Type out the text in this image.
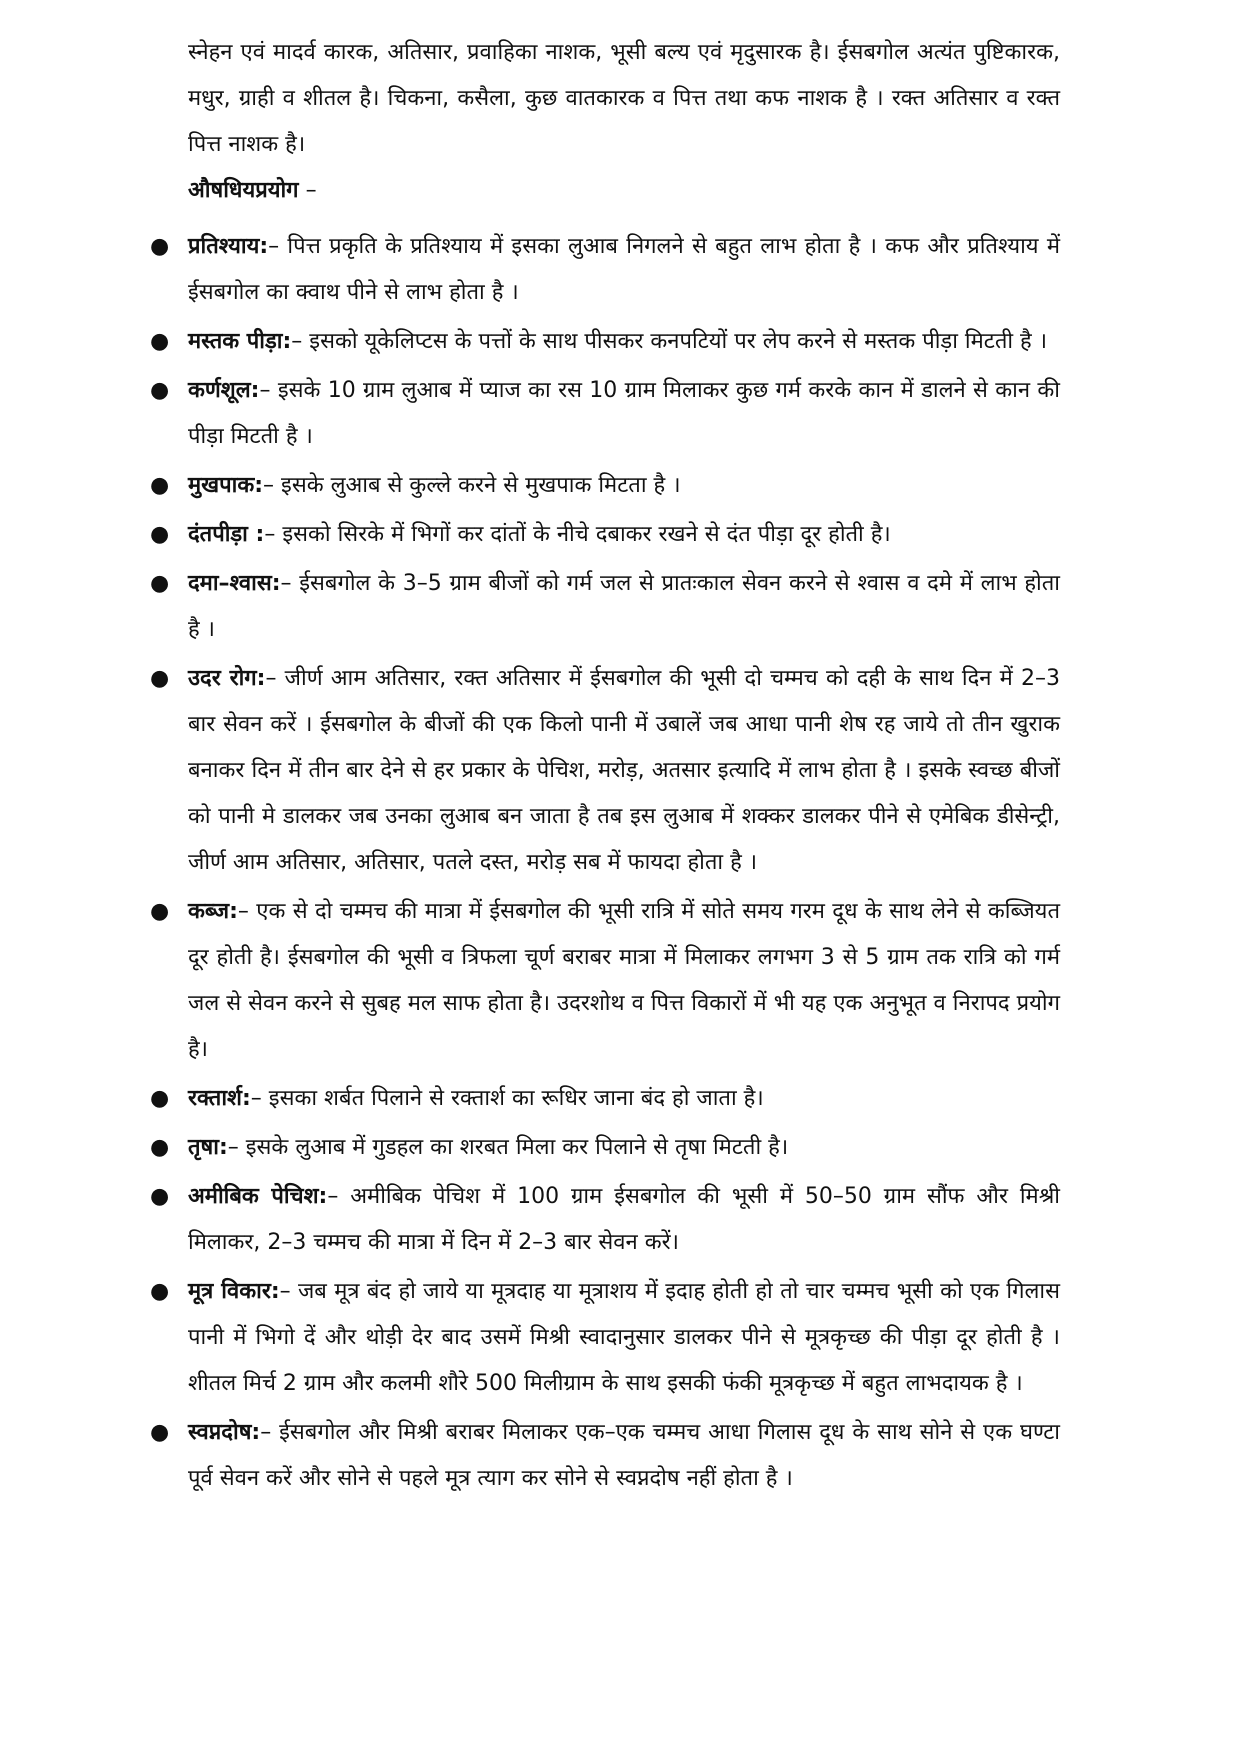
स्नेहन एवं मादर्व कारक, अतिसार, प्रवाहिका नाशक, भूसी बल्य एवं मृदुसारक है। ईसबगोल अत्यंत पुष्टिकारक, मधुर, ग्राही व शीतल है। चिकना, कसैला, कुछ वातकारक व पित्त तथा कफ नाशक है । रक्त अतिसार व रक्त पित्त नाशक है।

औषधियप्रयोग –

● प्रतिश्याय:– पित्त प्रकृति के प्रतिश्याय में इसका लुआब निगलने से बहुत लाभ होता है । कफ और प्रतिश्याय में ईसबगोल का क्वाथ पीने से लाभ होता है ।
● मस्तक पीड़ा:– इसको यूकेलिप्टस के पत्तों के साथ पीसकर कनपटियों पर लेप करने से मस्तक पीड़ा मिटती है ।
● कर्णशूल:– इसके 10 ग्राम लुआब में प्याज का रस 10 ग्राम मिलाकर कुछ गर्म करके कान में डालने से कान की पीड़ा मिटती है ।
● मुखपाक:– इसके लुआब से कुल्ले करने से मुखपाक मिटता है ।
● दंतपीड़ा :– इसको सिरके में भिगों कर दांतों के नीचे दबाकर रखने से दंत पीड़ा दूर होती है।
● दमा–श्वास:– ईसबगोल के 3–5 ग्राम बीजों को गर्म जल से प्रातःकाल सेवन करने से श्वास व दमे में लाभ होता है ।
● उदर रोग:– जीर्ण आम अतिसार, रक्त अतिसार में ईसबगोल की भूसी दो चम्मच को दही के साथ दिन में 2–3 बार सेवन करें । ईसबगोल के बीजों की एक किलो पानी में उबालें जब आधा पानी शेष रह जाये तो तीन खुराक बनाकर दिन में तीन बार देने से हर प्रकार के पेचिश, मरोड़, अतसार इत्यादि में लाभ होता है । इसके स्वच्छ बीजों को पानी मे डालकर जब उनका लुआब बन जाता है तब इस लुआब में शक्कर डालकर पीने से एमेबिक डीसेन्ट्री, जीर्ण आम अतिसार, अतिसार, पतले दस्त, मरोड़ सब में फायदा होता है ।
● कब्ज:– एक से दो चम्मच की मात्रा में ईसबगोल की भूसी रात्रि में सोते समय गरम दूध के साथ लेने से कब्जियत दूर होती है। ईसबगोल की भूसी व त्रिफला चूर्ण बराबर मात्रा में मिलाकर लगभग 3 से 5 ग्राम तक रात्रि को गर्म जल से सेवन करने से सुबह मल साफ होता है। उदरशोथ व पित्त विकारों में भी यह एक अनुभूत व निरापद प्रयोग है।
● रक्तार्श:– इसका शर्बत पिलाने से रक्तार्श का रूधिर जाना बंद हो जाता है।
● तृषा:– इसके लुआब में गुडहल का शरबत मिला कर पिलाने से तृषा मिटती है।
● अमीबिक पेचिश:– अमीबिक पेचिश में 100 ग्राम ईसबगोल की भूसी में 50–50 ग्राम सौंफ और मिश्री मिलाकर, 2–3 चम्मच की मात्रा में दिन में 2–3 बार सेवन करें।
● मूत्र विकार:– जब मूत्र बंद हो जाये या मूत्रदाह या मूत्राशय में इदाह होती हो तो चार चम्मच भूसी को एक गिलास पानी में भिगो दें और थोड़ी देर बाद उसमें मिश्री स्वादानुसार डालकर पीने से मूत्रकृच्छ की पीड़ा दूर होती है । शीतल मिर्च 2 ग्राम और कलमी शौरे 500 मिलीग्राम के साथ इसकी फंकी मूत्रकृच्छ में बहुत लाभदायक है ।
● स्वप्नदोष:– ईसबगोल और मिश्री बराबर मिलाकर एक–एक चम्मच आधा गिलास दूध के साथ सोने से एक घण्टा पूर्व सेवन करें और सोने से पहले मूत्र त्याग कर सोने से स्वप्नदोष नहीं होता है ।
